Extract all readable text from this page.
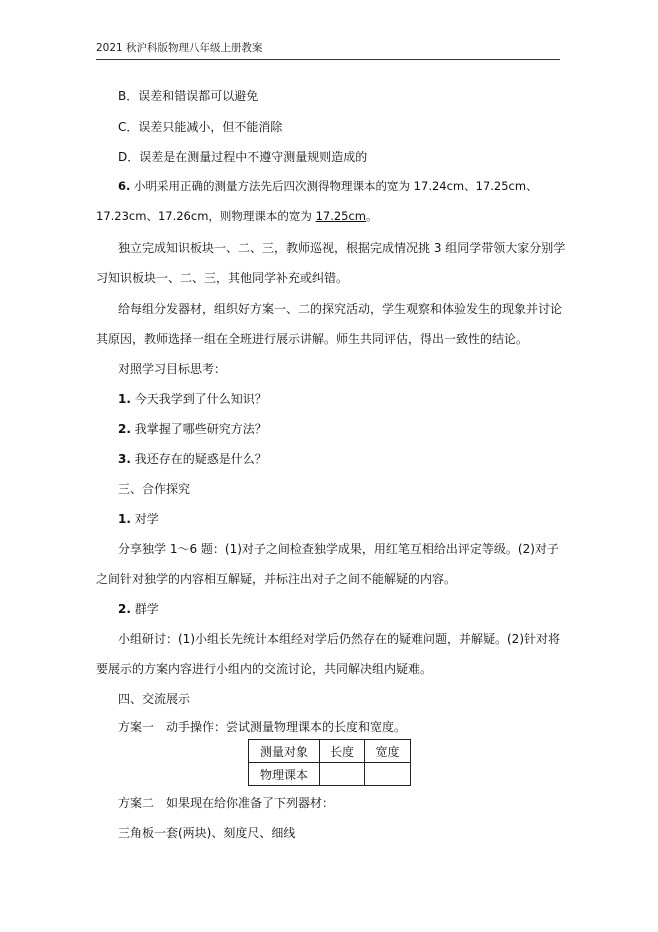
2021 秋沪科版物理八年级上册教案
B．误差和错误都可以避免
C．误差只能减小，但不能消除
D．误差是在测量过程中不遵守测量规则造成的
6. 小明采用正确的测量方法先后四次测得物理课本的宽为 17.24cm、17.25cm、
17.23cm、17.26cm，则物理课本的宽为 17.25cm。
独立完成知识板块一、二、三，教师巡视，根据完成情况挑 3 组同学带领大家分别学
习知识板块一、二、三，其他同学补充或纠错。
给每组分发器材，组织好方案一、二的探究活动，学生观察和体验发生的现象并讨论
其原因，教师选择一组在全班进行展示讲解。师生共同评估，得出一致性的结论。
对照学习目标思考：
1. 今天我学到了什么知识？
2. 我掌握了哪些研究方法？
3. 我还存在的疑惑是什么？
三、合作探究
1. 对学
分享独学 1～6 题：(1)对子之间检查独学成果，用红笔互相给出评定等级。(2)对子
之间针对独学的内容相互解疑，并标注出对子之间不能解疑的内容。
2. 群学
小组研讨：(1)小组长先统计本组经对学后仍然存在的疑难问题，并解疑。(2)针对将
要展示的方案内容进行小组内的交流讨论，共同解决组内疑难。
四、交流展示
方案一　动手操作：尝试测量物理课本的长度和宽度。
测量对象	长度	宽度
物理课本		
方案二　如果现在给你准备了下列器材：
三角板一套(两块)、刻度尺、细线
